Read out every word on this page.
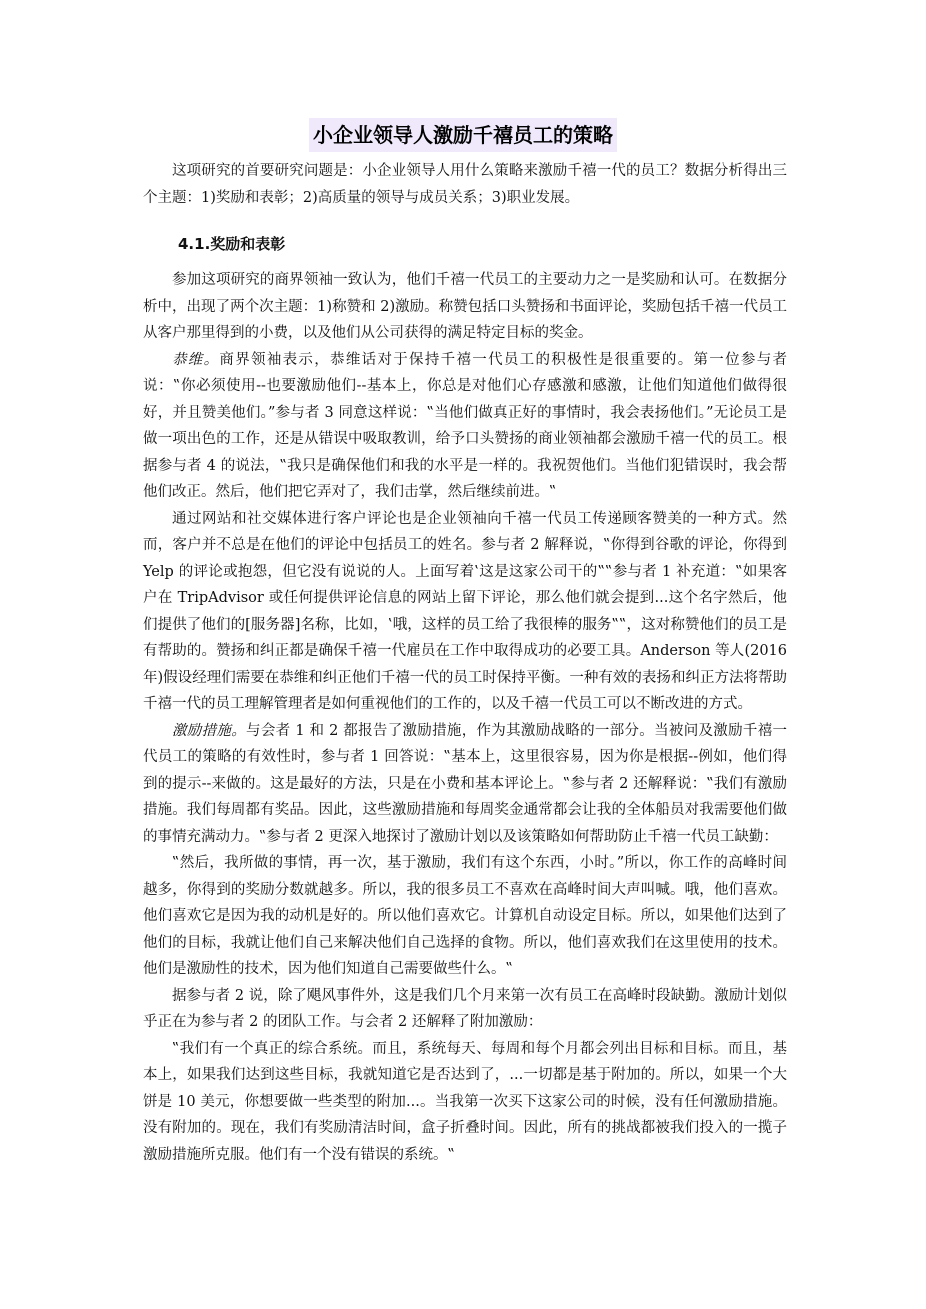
小企业领导人激励千禧员工的策略

这项研究的首要研究问题是：小企业领导人用什么策略来激励千禧一代的员工？数据分析得出三个主题：1)奖励和表彰；2)高质量的领导与成员关系；3)职业发展。

4.1.奖励和表彰

参加这项研究的商界领袖一致认为，他们千禧一代员工的主要动力之一是奖励和认可。在数据分析中，出现了两个次主题：1)称赞和 2)激励。称赞包括口头赞扬和书面评论，奖励包括千禧一代员工从客户那里得到的小费，以及他们从公司获得的满足特定目标的奖金。

恭维。商界领袖表示，恭维话对于保持千禧一代员工的积极性是很重要的。第一位参与者说：‟你必须使用--也要激励他们--基本上，你总是对他们心存感激和感激，让他们知道他们做得很好，并且赞美他们。”参与者 3 同意这样说：‟当他们做真正好的事情时，我会表扬他们。”无论员工是做一项出色的工作，还是从错误中吸取教训，给予口头赞扬的商业领袖都会激励千禧一代的员工。根据参与者 4 的说法，‟我只是确保他们和我的水平是一样的。我祝贺他们。当他们犯错误时，我会帮他们改正。然后，他们把它弄对了，我们击掌，然后继续前进。‟

通过网站和社交媒体进行客户评论也是企业领袖向千禧一代员工传递顾客赞美的一种方式。然而，客户并不总是在他们的评论中包括员工的姓名。参与者 2 解释说，‟你得到谷歌的评论，你得到 Yelp 的评论或抱怨，但它没有说说的人。上面写着‛这是这家公司干的‟‟参与者 1 补充道：‟如果客户在 TripAdvisor 或任何提供评论信息的网站上留下评论，那么他们就会提到...这个名字然后，他们提供了他们的[服务器]名称，比如，‛哦，这样的员工给了我很棒的服务‟‟，这对称赞他们的员工是有帮助的。赞扬和纠正都是确保千禧一代雇员在工作中取得成功的必要工具。Anderson 等人(2016 年)假设经理们需要在恭维和纠正他们千禧一代的员工时保持平衡。一种有效的表扬和纠正方法将帮助千禧一代的员工理解管理者是如何重视他们的工作的，以及千禧一代员工可以不断改进的方式。

激励措施。与会者 1 和 2 都报告了激励措施，作为其激励战略的一部分。当被问及激励千禧一代员工的策略的有效性时，参与者 1 回答说：‟基本上，这里很容易，因为你是根据--例如，他们得到的提示--来做的。这是最好的方法，只是在小费和基本评论上。‟参与者 2 还解释说：‟我们有激励措施。我们每周都有奖品。因此，这些激励措施和每周奖金通常都会让我的全体船员对我需要他们做的事情充满动力。‟参与者 2 更深入地探讨了激励计划以及该策略如何帮助防止千禧一代员工缺勤：

‟然后，我所做的事情，再一次，基于激励，我们有这个东西，小时。”所以，你工作的高峰时间越多，你得到的奖励分数就越多。所以，我的很多员工不喜欢在高峰时间大声叫喊。哦，他们喜欢。他们喜欢它是因为我的动机是好的。所以他们喜欢它。计算机自动设定目标。所以，如果他们达到了他们的目标，我就让他们自己来解决他们自己选择的食物。所以，他们喜欢我们在这里使用的技术。他们是激励性的技术，因为他们知道自己需要做些什么。‟

据参与者 2 说，除了飓风事件外，这是我们几个月来第一次有员工在高峰时段缺勤。激励计划似乎正在为参与者 2 的团队工作。与会者 2 还解释了附加激励：

‟我们有一个真正的综合系统。而且，系统每天、每周和每个月都会列出目标和目标。而且，基本上，如果我们达到这些目标，我就知道它是否达到了，...一切都是基于附加的。所以，如果一个大饼是 10 美元，你想要做一些类型的附加...。当我第一次买下这家公司的时候，没有任何激励措施。没有附加的。现在，我们有奖励清洁时间，盒子折叠时间。因此，所有的挑战都被我们投入的一揽子激励措施所克服。他们有一个没有错误的系统。‟
